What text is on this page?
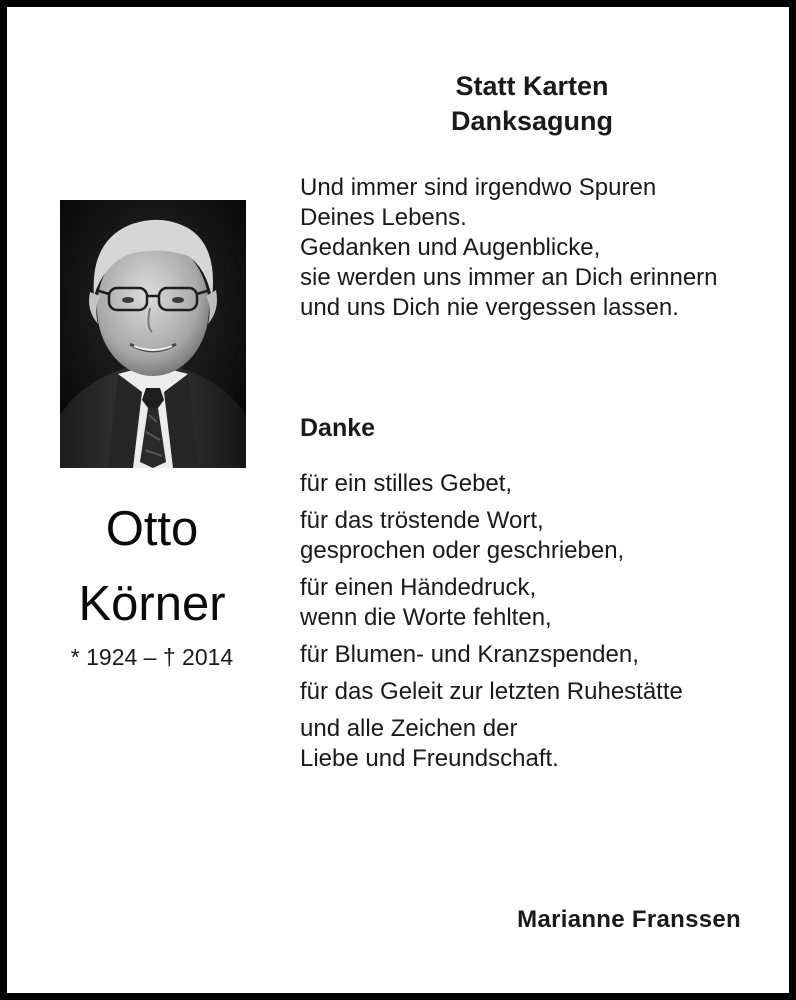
Statt Karten
Danksagung
Und immer sind irgendwo Spuren
Deines Lebens.
Gedanken und Augenblicke,
sie werden uns immer an Dich erinnern
und uns Dich nie vergessen lassen.
Otto
Körner
* 1924 – † 2014
Danke
für ein stilles Gebet,
für das tröstende Wort,
gesprochen oder geschrieben,
für einen Händedruck,
wenn die Worte fehlten,
für Blumen- und Kranzspenden,
für das Geleit zur letzten Ruhestätte
und alle Zeichen der
Liebe und Freundschaft.
Marianne Franssen
